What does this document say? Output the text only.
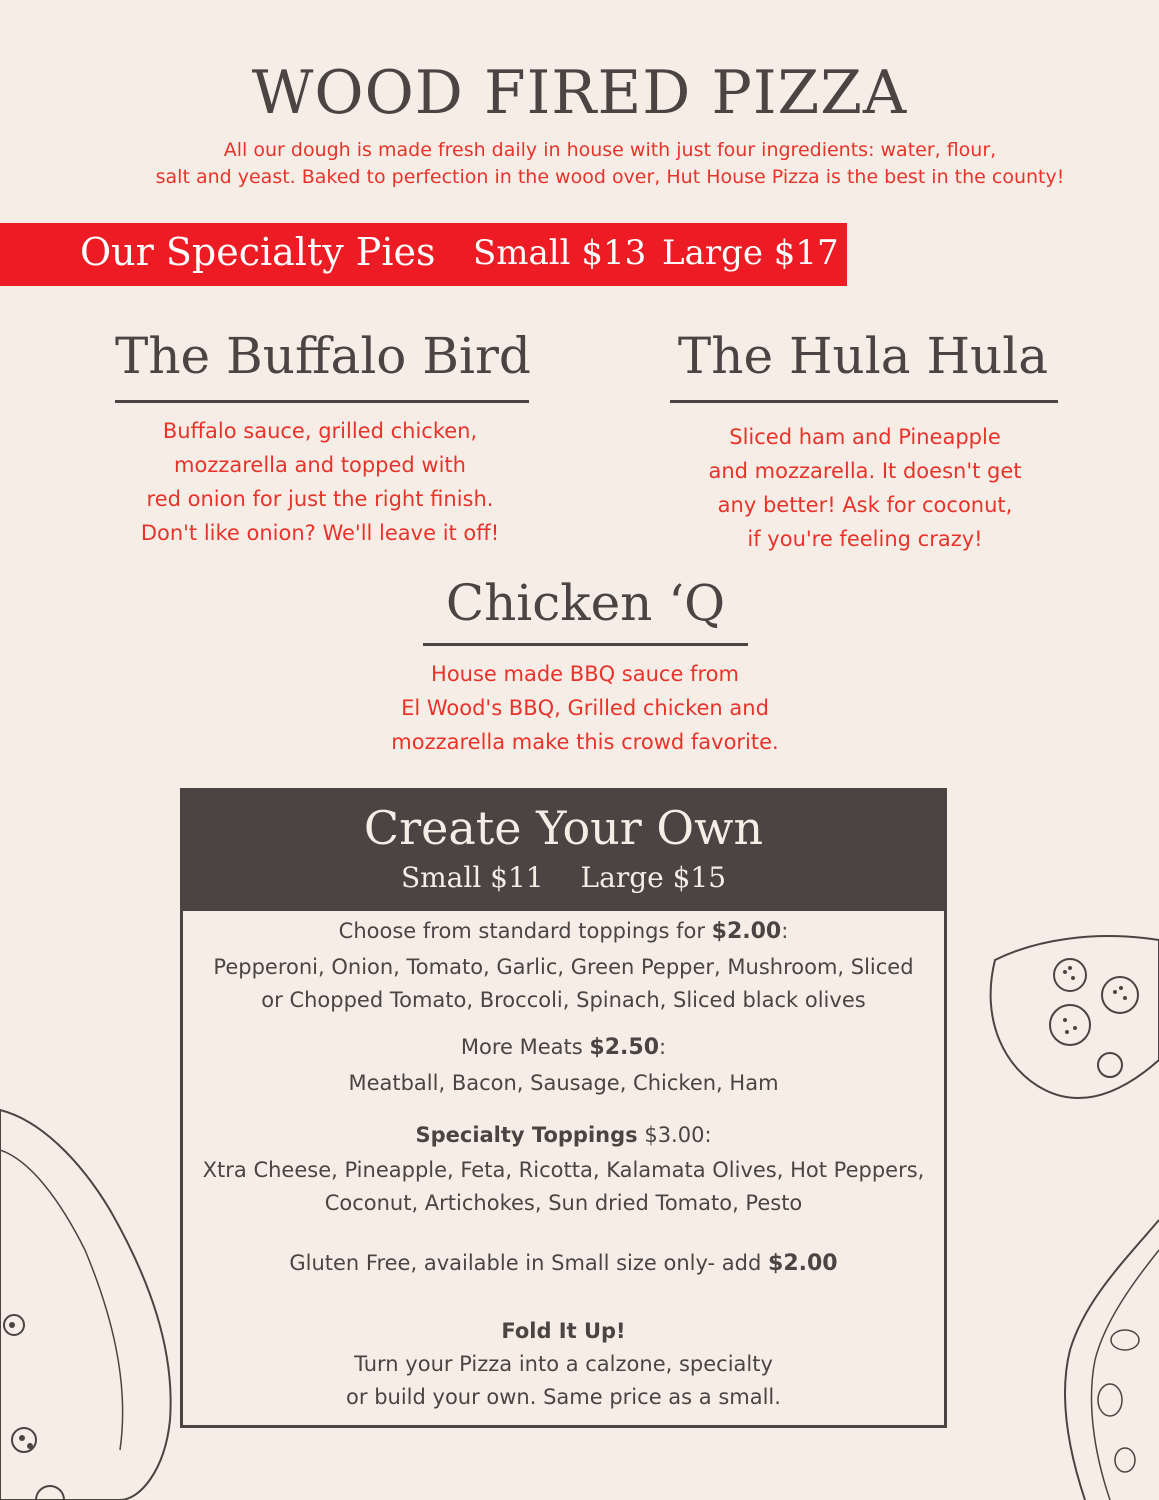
WOOD FIRED PIZZA
All our dough is made fresh daily in house with just four ingredients: water, flour,
salt and yeast. Baked to perfection in the wood over, Hut House Pizza is the best in the county!
Our Specialty Pies Small $13 Large $17
The Buffalo Bird
Buffalo sauce, grilled chicken,
mozzarella and topped with
red onion for just the right finish.
Don't like onion? We'll leave it off!
The Hula Hula
Sliced ham and Pineapple
and mozzarella. It doesn't get
any better! Ask for coconut,
if you're feeling crazy!
Chicken ‘Q
House made BBQ sauce from
El Wood's BBQ, Grilled chicken and
mozzarella make this crowd favorite.
Create Your Own
Small $11 Large $15
Choose from standard toppings for $2.00:
Pepperoni, Onion, Tomato, Garlic, Green Pepper, Mushroom, Sliced
or Chopped Tomato, Broccoli, Spinach, Sliced black olives
More Meats $2.50:
Meatball, Bacon, Sausage, Chicken, Ham
Specialty Toppings $3.00:
Xtra Cheese, Pineapple, Feta, Ricotta, Kalamata Olives, Hot Peppers,
Coconut, Artichokes, Sun dried Tomato, Pesto
Gluten Free, available in Small size only- add $2.00
Fold It Up!
Turn your Pizza into a calzone, specialty
or build your own. Same price as a small.
